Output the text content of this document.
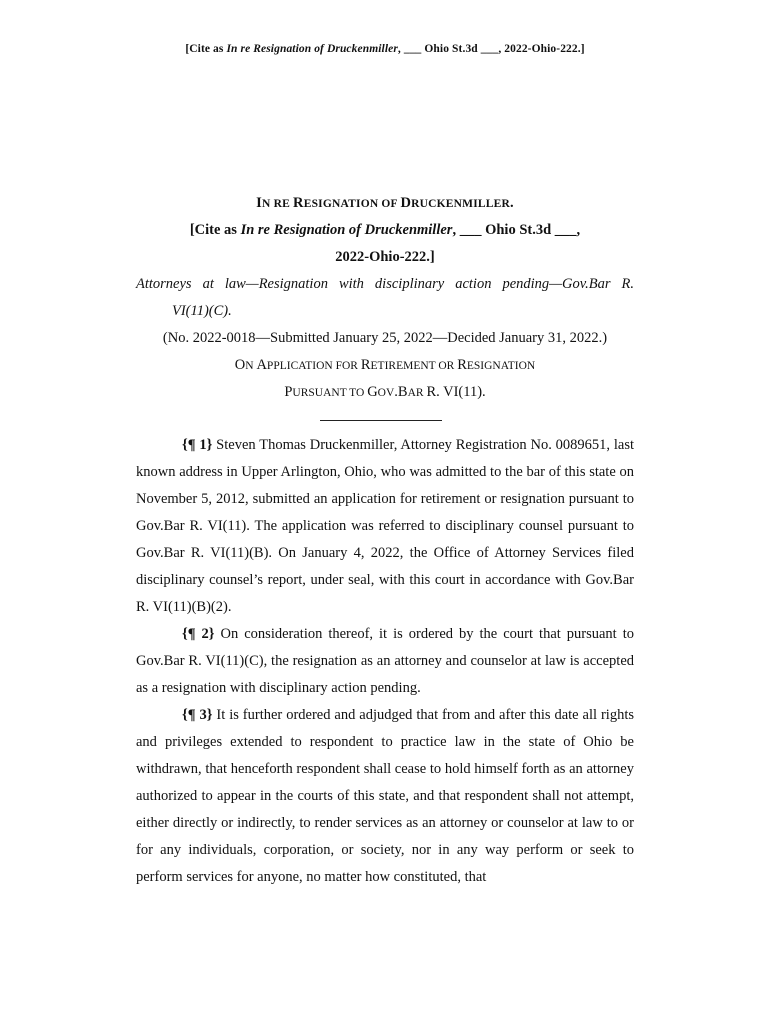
[Cite as In re Resignation of Druckenmiller, ___ Ohio St.3d ___, 2022-Ohio-222.]
IN RE RESIGNATION OF DRUCKENMILLER.
[Cite as In re Resignation of Druckenmiller, ___ Ohio St.3d ___,
2022-Ohio-222.]
Attorneys at law—Resignation with disciplinary action pending—Gov.Bar R.
VI(11)(C).
(No. 2022-0018—Submitted January 25, 2022—Decided January 31, 2022.)
ON APPLICATION FOR RETIREMENT OR RESIGNATION
PURSUANT TO GOV.BAR R. VI(11).

{¶ 1} Steven Thomas Druckenmiller, Attorney Registration No. 0089651, last known address in Upper Arlington, Ohio, who was admitted to the bar of this state on November 5, 2012, submitted an application for retirement or resignation pursuant to Gov.Bar R. VI(11). The application was referred to disciplinary counsel pursuant to Gov.Bar R. VI(11)(B). On January 4, 2022, the Office of Attorney Services filed disciplinary counsel’s report, under seal, with this court in accordance with Gov.Bar R. VI(11)(B)(2).

{¶ 2} On consideration thereof, it is ordered by the court that pursuant to Gov.Bar R. VI(11)(C), the resignation as an attorney and counselor at law is accepted as a resignation with disciplinary action pending.

{¶ 3} It is further ordered and adjudged that from and after this date all rights and privileges extended to respondent to practice law in the state of Ohio be withdrawn, that henceforth respondent shall cease to hold himself forth as an attorney authorized to appear in the courts of this state, and that respondent shall not attempt, either directly or indirectly, to render services as an attorney or counselor at law to or for any individuals, corporation, or society, nor in any way perform or seek to perform services for anyone, no matter how constituted, that
